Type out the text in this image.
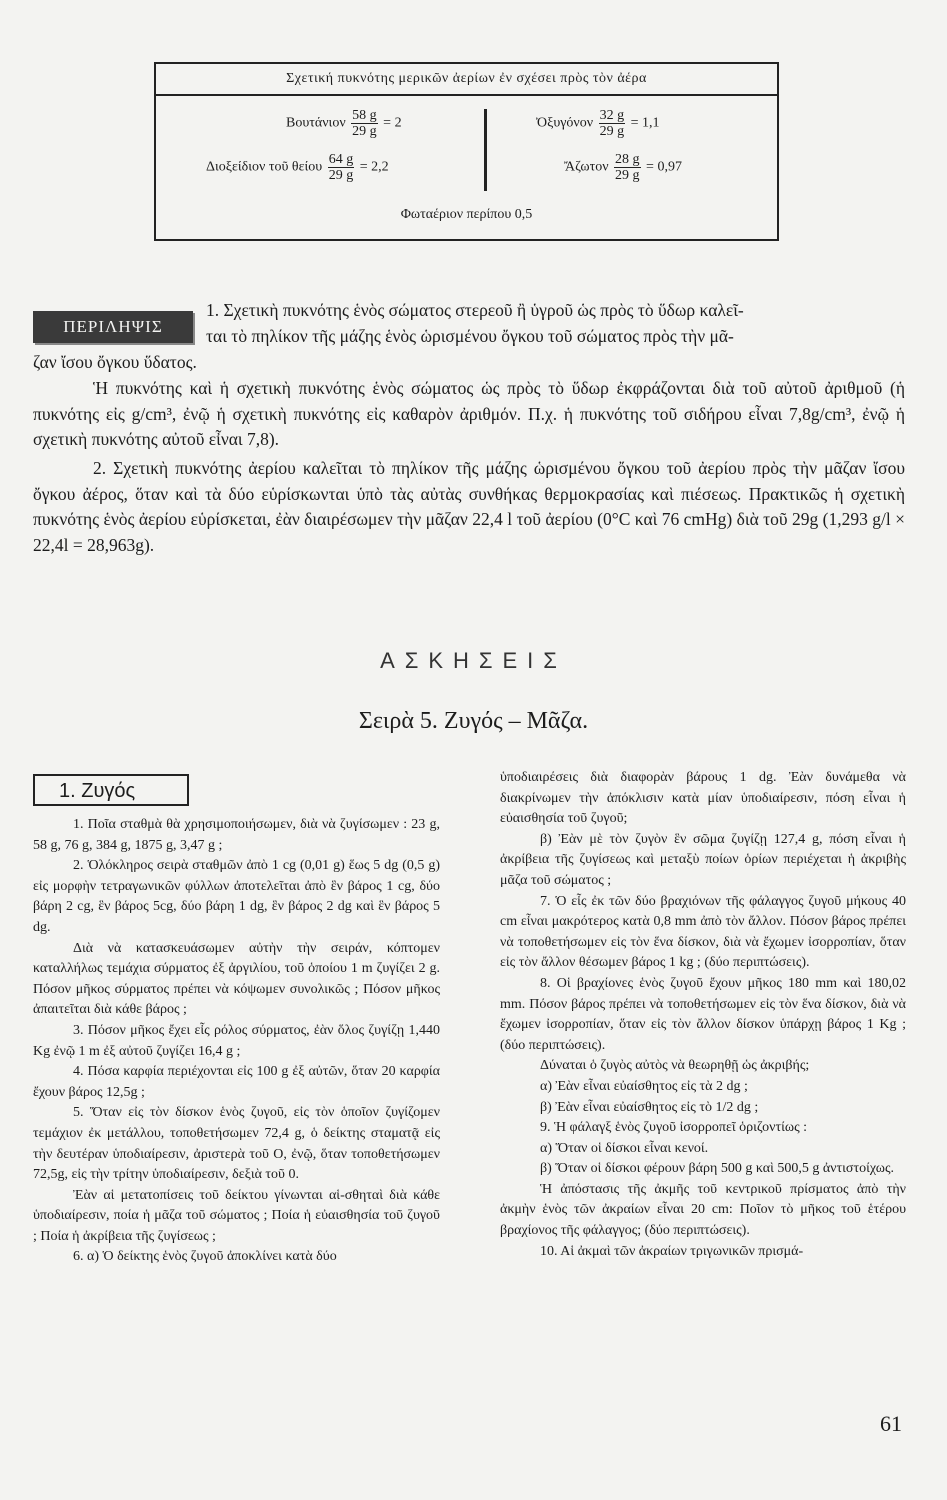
Σχετική πυκνότης μερικῶν ἀερίων ἐν σχέσει πρὸς τὸν ἀέρα
Βουτάνιον $\frac{58 g}{29 g} = 2$
Διοξείδιον τοῦ θείου $\frac{64 g}{29 g} = 2,2$
Ὀξυγόνον $\frac{32 g}{29 g} = 1,1$
Ἄζωτον $\frac{28 g}{29 g} = 0,97$
Φωταέριον περίπου 0,5
ΠΕΡΙΛΗΨΙΣ
1. Σχετικὴ πυκνότης ἑνὸς σώματος στερεοῦ ἢ ὑγροῦ ὡς πρὸς τὸ ὕδωρ καλεῖ-
ται τὸ πηλίκον τῆς μάζης ἑνὸς ὡρισμένου ὄγκου τοῦ σώματος πρὸς τὴν μᾶ-
ζαν ἴσου ὄγκου ὕδατος.
Ἡ πυκνότης καὶ ἡ σχετικὴ πυκνότης ἑνὸς σώματος ὡς πρὸς τὸ ὕδωρ ἐκφράζονται διὰ τοῦ αὐτοῦ ἀριθμοῦ (ἡ πυκνότης εἰς g/cm³, ἐνῷ ἡ σχετικὴ πυκνότης εἰς καθαρὸν ἀριθμόν. Π.χ. ἡ πυκνότης τοῦ σιδήρου εἶναι 7,8g/cm³, ἐνῷ ἡ σχετικὴ πυκνότης αὐτοῦ εἶναι 7,8).
2. Σχετικὴ πυκνότης ἀερίου καλεῖται τὸ πηλίκον τῆς μάζης ὡρισμένου ὄγκου τοῦ ἀερίου πρὸς τὴν μᾶζαν ἴσου ὄγκου ἀέρος, ὅταν καὶ τὰ δύο εὑρίσκωνται ὑπὸ τὰς αὐτὰς συνθήκας θερμοκρασίας καὶ πιέσεως. Πρακτικῶς ἡ σχετικὴ πυκνότης ἑνὸς ἀερίου εὑρίσκεται, ἐὰν διαιρέσωμεν τὴν μᾶζαν 22,4 l τοῦ ἀερίου (0°C καὶ 76 cmHg) διὰ τοῦ 29g (1,293 g/l × 22,4l = 28,963g).
ΑΣΚΗΣΕΙΣ
Σειρὰ 5. Ζυγός – Μᾶζα.
1. Ζυγός

1. Ποῖα σταθμὰ θὰ χρησιμοποιήσωμεν, διὰ νὰ ζυγίσωμεν : 23 g, 58 g, 76 g, 384 g, 1875 g, 3,47 g ;

2. Ὁλόκληρος σειρὰ σταθμῶν ἀπὸ 1 cg (0,01 g) ἕως 5 dg (0,5 g) εἰς μορφὴν τετραγωνικῶν φύλλων ἀποτελεῖται ἀπὸ ἓν βάρος 1 cg, δύο βάρη 2 cg, ἓν βάρος 5cg, δύο βάρη 1 dg, ἓν βάρος 2 dg καὶ ἓν βάρος 5 dg.

Διὰ νὰ κατασκευάσωμεν αὐτὴν τὴν σειράν, κόπτομεν καταλλήλως τεμάχια σύρματος ἐξ ἀργιλίου, τοῦ ὁποίου 1 m ζυγίζει 2 g. Πόσον μῆκος σύρματος πρέπει νὰ κόψωμεν συνολικῶς ; Πόσον μῆκος ἀπαιτεῖται διὰ κάθε βάρος ;

3. Πόσον μῆκος ἔχει εἷς ρόλος σύρματος, ἐὰν ὅλος ζυγίζῃ 1,440 Kg ἐνῷ 1 m ἐξ αὐτοῦ ζυγίζει 16,4 g ;

4. Πόσα καρφία περιέχονται εἰς 100 g ἐξ αὐτῶν, ὅταν 20 καρφία ἔχουν βάρος 12,5g ;

5. Ὅταν εἰς τὸν δίσκον ἑνὸς ζυγοῦ, εἰς τὸν ὁποῖον ζυγίζομεν τεμάχιον ἐκ μετάλλου, τοποθετήσωμεν 72,4 g, ὁ δείκτης σταματᾷ εἰς τὴν δευτέραν ὑποδιαίρεσιν, ἀριστερὰ τοῦ Ο, ἐνῷ, ὅταν τοποθετήσωμεν 72,5g, εἰς τὴν τρίτην ὑποδιαίρεσιν, δεξιὰ τοῦ 0.

Ἐὰν αἱ μετατοπίσεις τοῦ δείκτου γίνωνται αἱ-σθηταὶ διὰ κάθε ὑποδιαίρεσιν, ποία ἡ μᾶζα τοῦ σώματος ; Ποία ἡ εὐαισθησία τοῦ ζυγοῦ ; Ποία ἡ ἀκρίβεια τῆς ζυγίσεως ;

6. α) Ὁ δείκτης ἑνὸς ζυγοῦ ἀποκλίνει κατὰ δύο

ὑποδιαιρέσεις διὰ διαφορὰν βάρους 1 dg. Ἐὰν δυνάμεθα νὰ διακρίνωμεν τὴν ἀπόκλισιν κατὰ μίαν ὑποδιαίρεσιν, πόση εἶναι ἡ εὐαισθησία τοῦ ζυγοῦ;

β) Ἐὰν μὲ τὸν ζυγὸν ἓν σῶμα ζυγίζῃ 127,4 g, πόση εἶναι ἡ ἀκρίβεια τῆς ζυγίσεως καὶ μεταξὺ ποίων ὁρίων περιέχεται ἡ ἀκριβὴς μᾶζα τοῦ σώματος ;

7. Ὁ εἷς ἐκ τῶν δύο βραχιόνων τῆς φάλαγγος ζυγοῦ μήκους 40 cm εἶναι μακρότερος κατὰ 0,8 mm ἀπὸ τὸν ἄλλον. Πόσον βάρος πρέπει νὰ τοποθετήσωμεν εἰς τὸν ἕνα δίσκον, διὰ νὰ ἔχωμεν ἰσορροπίαν, ὅταν εἰς τὸν ἄλλον θέσωμεν βάρος 1 kg ; (δύο περιπτώσεις).

8. Οἱ βραχίονες ἑνὸς ζυγοῦ ἔχουν μῆκος 180 mm καὶ 180,02 mm. Πόσον βάρος πρέπει νὰ τοποθετήσωμεν εἰς τὸν ἕνα δίσκον, διὰ νὰ ἔχωμεν ἰσορροπίαν, ὅταν εἰς τὸν ἄλλον δίσκον ὑπάρχῃ βάρος 1 Kg ; (δύο περιπτώσεις).

Δύναται ὁ ζυγὸς αὐτὸς νὰ θεωρηθῇ ὡς ἀκριβής;

α) Ἐὰν εἶναι εὐαίσθητος εἰς τὰ 2 dg ;

β) Ἐὰν εἶναι εὐαίσθητος εἰς τὸ 1/2 dg ;

9. Ἡ φάλαγξ ἑνὸς ζυγοῦ ἰσορροπεῖ ὁριζοντίως :

α) Ὅταν οἱ δίσκοι εἶναι κενοί.

β) Ὅταν οἱ δίσκοι φέρουν βάρη 500 g καὶ 500,5 g ἀντιστοίχως.

Ἡ ἀπόστασις τῆς ἀκμῆς τοῦ κεντρικοῦ πρίσματος ἀπὸ τὴν ἀκμὴν ἑνὸς τῶν ἀκραίων εἶναι 20 cm: Ποῖον τὸ μῆκος τοῦ ἑτέρου βραχίονος τῆς φάλαγγος; (δύο περιπτώσεις).

10. Αἱ ἀκμαὶ τῶν ἀκραίων τριγωνικῶν πρισμά-

61
